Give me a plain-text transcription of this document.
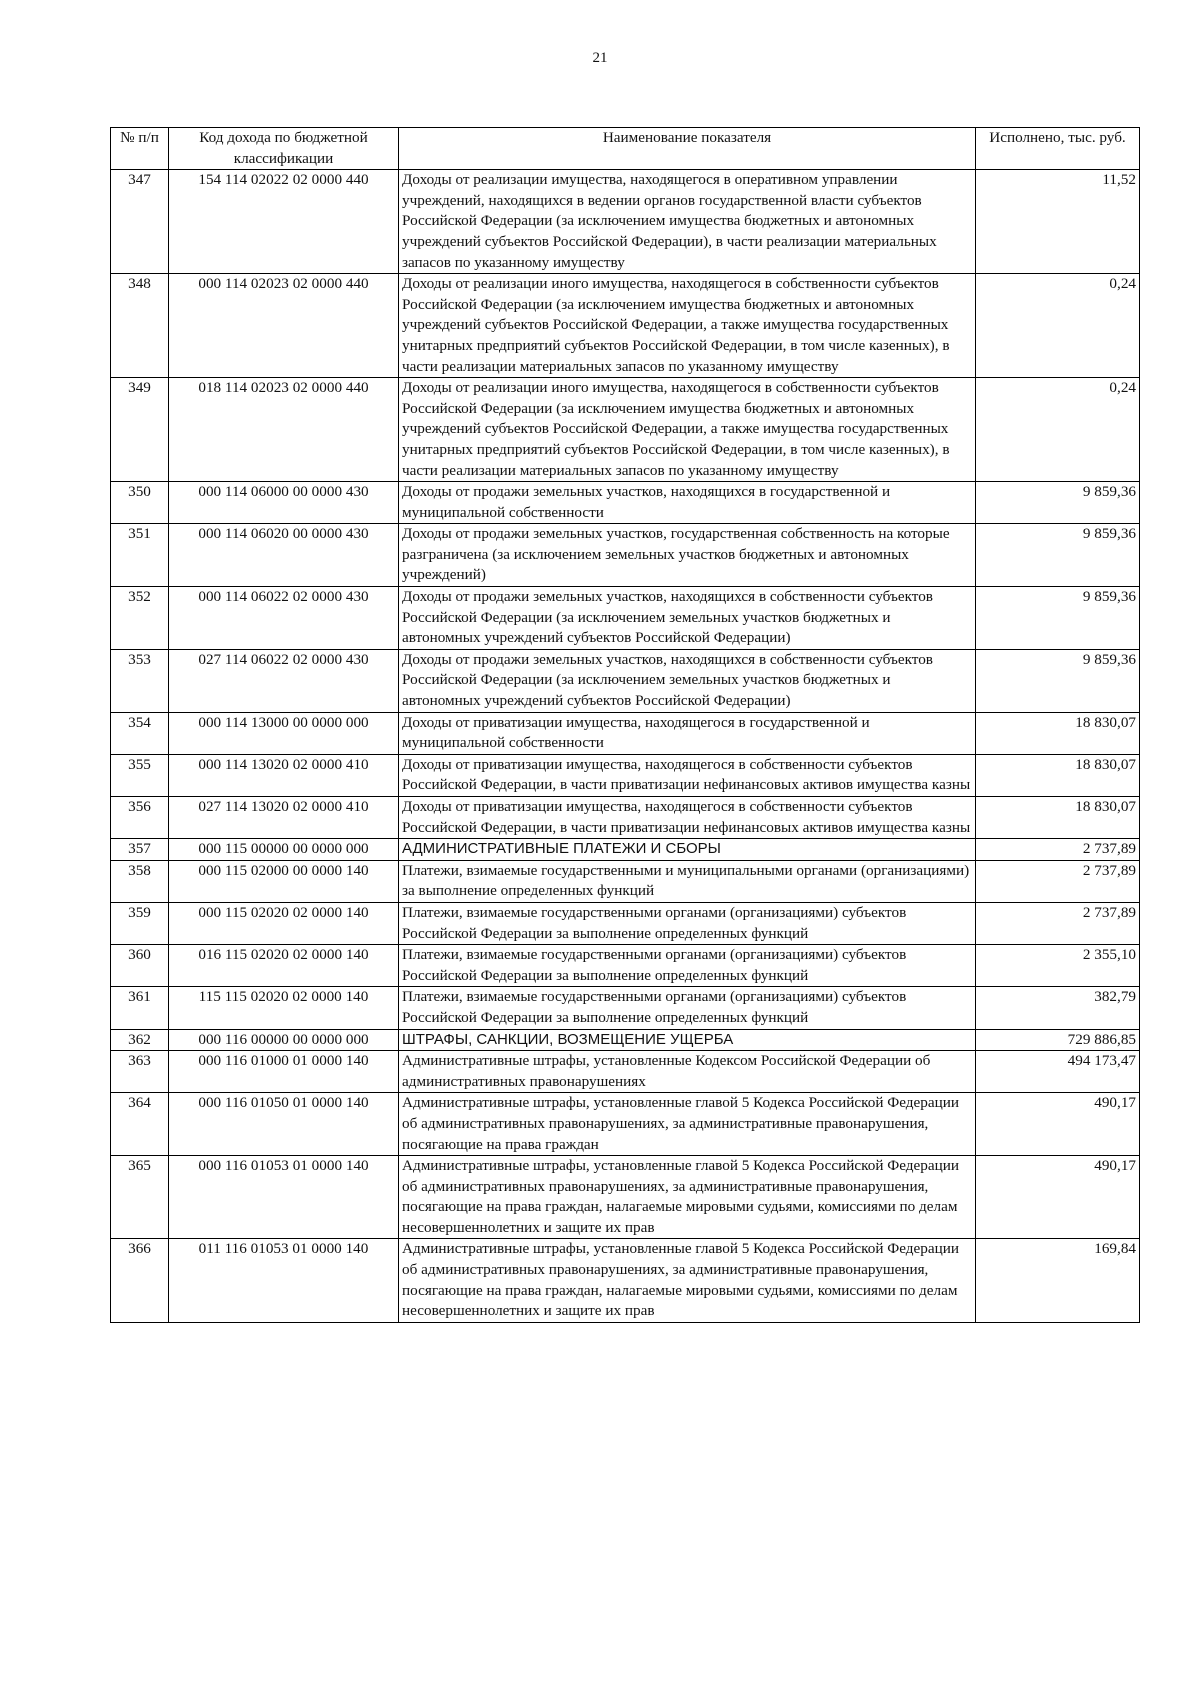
21
№ п/п	Код дохода по бюджетной классификации	Наименование показателя	Исполнено, тыс. руб.
347	154 114 02022 02 0000 440	Доходы от реализации имущества, находящегося в оперативном управлении учреждений, находящихся в ведении органов государственной власти субъектов Российской Федерации (за исключением имущества бюджетных и автономных учреждений субъектов Российской Федерации), в части реализации материальных запасов по указанному имуществу	11,52
348	000 114 02023 02 0000 440	Доходы от реализации иного имущества, находящегося в собственности субъектов Российской Федерации (за исключением имущества бюджетных и автономных учреждений субъектов Российской Федерации, а также имущества государственных унитарных предприятий субъектов Российской Федерации, в том числе казенных), в части реализации материальных запасов по указанному имуществу	0,24
349	018 114 02023 02 0000 440	Доходы от реализации иного имущества, находящегося в собственности субъектов Российской Федерации (за исключением имущества бюджетных и автономных учреждений субъектов Российской Федерации, а также имущества государственных унитарных предприятий субъектов Российской Федерации, в том числе казенных), в части реализации материальных запасов по указанному имуществу	0,24
350	000 114 06000 00 0000 430	Доходы от продажи земельных участков, находящихся в государственной и муниципальной собственности	9 859,36
351	000 114 06020 00 0000 430	Доходы от продажи земельных участков, государственная собственность на которые разграничена (за исключением земельных участков бюджетных и автономных учреждений)	9 859,36
352	000 114 06022 02 0000 430	Доходы от продажи земельных участков, находящихся в собственности субъектов Российской Федерации (за исключением земельных участков бюджетных и автономных учреждений субъектов Российской Федерации)	9 859,36
353	027 114 06022 02 0000 430	Доходы от продажи земельных участков, находящихся в собственности субъектов Российской Федерации (за исключением земельных участков бюджетных и автономных учреждений субъектов Российской Федерации)	9 859,36
354	000 114 13000 00 0000 000	Доходы от приватизации имущества, находящегося в государственной и муниципальной собственности	18 830,07
355	000 114 13020 02 0000 410	Доходы от приватизации имущества, находящегося в собственности субъектов Российской Федерации, в части приватизации нефинансовых активов имущества казны	18 830,07
356	027 114 13020 02 0000 410	Доходы от приватизации имущества, находящегося в собственности субъектов Российской Федерации, в части приватизации нефинансовых активов имущества казны	18 830,07
357	000 115 00000 00 0000 000	АДМИНИСТРАТИВНЫЕ ПЛАТЕЖИ И СБОРЫ	2 737,89
358	000 115 02000 00 0000 140	Платежи, взимаемые государственными и муниципальными органами (организациями) за выполнение определенных функций	2 737,89
359	000 115 02020 02 0000 140	Платежи, взимаемые государственными органами (организациями) субъектов Российской Федерации за выполнение определенных функций	2 737,89
360	016 115 02020 02 0000 140	Платежи, взимаемые государственными органами (организациями) субъектов Российской Федерации за выполнение определенных функций	2 355,10
361	115 115 02020 02 0000 140	Платежи, взимаемые государственными органами (организациями) субъектов Российской Федерации за выполнение определенных функций	382,79
362	000 116 00000 00 0000 000	ШТРАФЫ, САНКЦИИ, ВОЗМЕЩЕНИЕ УЩЕРБА	729 886,85
363	000 116 01000 01 0000 140	Административные штрафы, установленные Кодексом Российской Федерации об административных правонарушениях	494 173,47
364	000 116 01050 01 0000 140	Административные штрафы, установленные главой 5 Кодекса Российской Федерации об административных правонарушениях, за административные правонарушения, посягающие на права граждан	490,17
365	000 116 01053 01 0000 140	Административные штрафы, установленные главой 5 Кодекса Российской Федерации об административных правонарушениях, за административные правонарушения, посягающие на права граждан, налагаемые мировыми судьями, комиссиями по делам несовершеннолетних и защите их прав	490,17
366	011 116 01053 01 0000 140	Административные штрафы, установленные главой 5 Кодекса Российской Федерации об административных правонарушениях, за административные правонарушения, посягающие на права граждан, налагаемые мировыми судьями, комиссиями по делам несовершеннолетних и защите их прав	169,84
